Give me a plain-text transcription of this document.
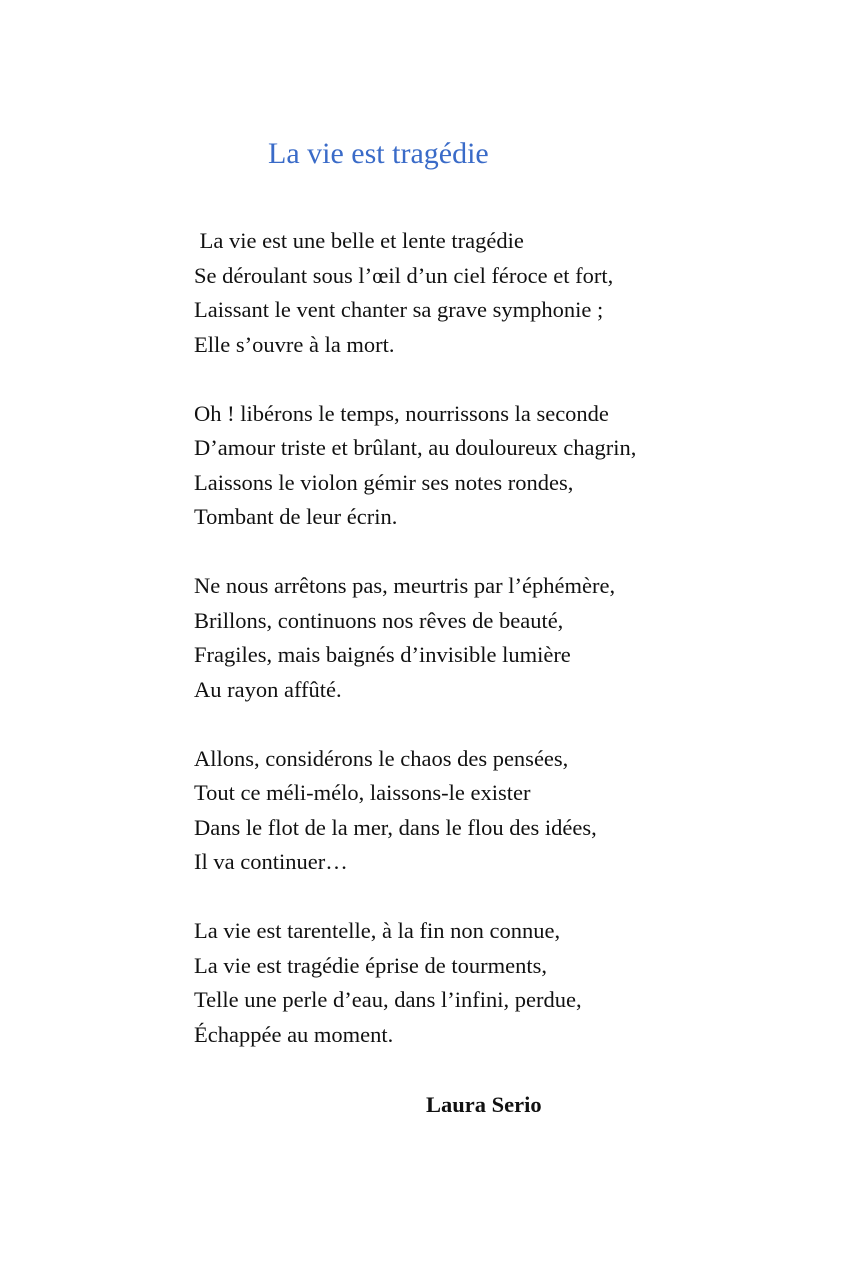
La vie est tragédie
La vie est une belle et lente tragédie
Se déroulant sous l’œil d’un ciel féroce et fort,
Laissant le vent chanter sa grave symphonie ;
Elle s’ouvre à la mort.
Oh ! libérons le temps, nourrissons la seconde
D’amour triste et brûlant, au douloureux chagrin,
Laissons le violon gémir ses notes rondes,
Tombant de leur écrin.
Ne nous arrêtons pas, meurtris par l’éphémère,
Brillons, continuons nos rêves de beauté,
Fragiles, mais baignés d’invisible lumière
Au rayon affûté.
Allons, considérons le chaos des pensées,
Tout ce méli-mélo, laissons-le exister
Dans le flot de la mer, dans le flou des idées,
Il va continuer…
La vie est tarentelle, à la fin non connue,
La vie est tragédie éprise de tourments,
Telle une perle d’eau, dans l’infini, perdue,
Échappée au moment.
Laura Serio
